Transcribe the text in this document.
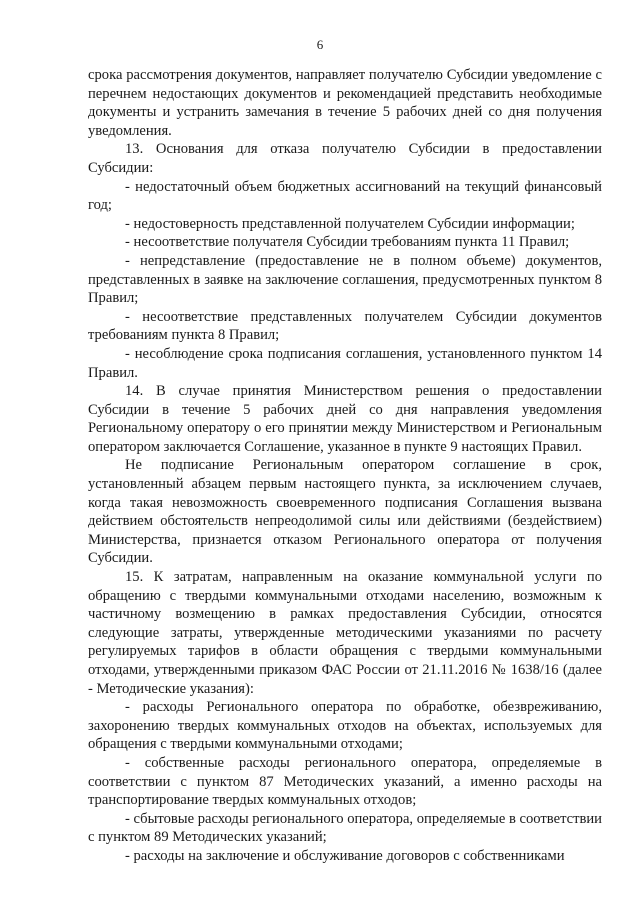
6

срока рассмотрения документов, направляет получателю Субсидии уведомление с перечнем недостающих документов и рекомендацией представить необходимые документы и устранить замечания в течение 5 рабочих дней со дня получения уведомления.

13. Основания для отказа получателю Субсидии в предоставлении Субсидии:

- недостаточный объем бюджетных ассигнований на текущий финансовый год;

- недостоверность представленной получателем Субсидии информации;

- несоответствие получателя Субсидии требованиям пункта 11 Правил;

- непредставление (предоставление не в полном объеме) документов, представленных в заявке на заключение соглашения, предусмотренных пунктом 8 Правил;

- несоответствие представленных получателем Субсидии документов требованиям пункта 8 Правил;

- несоблюдение срока подписания соглашения, установленного пунктом 14 Правил.

14. В случае принятия Министерством решения о предоставлении Субсидии в течение 5 рабочих дней со дня направления уведомления Региональному оператору о его принятии между Министерством и Региональным оператором заключается Соглашение, указанное в пункте 9 настоящих Правил.

Не подписание Региональным оператором соглашение в срок, установленный абзацем первым настоящего пункта, за исключением случаев, когда такая невозможность своевременного подписания Соглашения вызвана действием обстоятельств непреодолимой силы или действиями (бездействием) Министерства, признается отказом Регионального оператора от получения Субсидии.

15. К затратам, направленным на оказание коммунальной услуги по обращению с твердыми коммунальными отходами населению, возможным к частичному возмещению в рамках предоставления Субсидии, относятся следующие затраты, утвержденные методическими указаниями по расчету регулируемых тарифов в области обращения с твердыми коммунальными отходами, утвержденными приказом ФАС России от 21.11.2016 № 1638/16 (далее - Методические указания):

- расходы Регионального оператора по обработке, обезвреживанию, захоронению твердых коммунальных отходов на объектах, используемых для обращения с твердыми коммунальными отходами;

- собственные расходы регионального оператора, определяемые в соответствии с пунктом 87 Методических указаний, а именно расходы на транспортирование твердых коммунальных отходов;

- сбытовые расходы регионального оператора, определяемые в соответствии с пунктом 89 Методических указаний;

- расходы на заключение и обслуживание договоров с собственниками
